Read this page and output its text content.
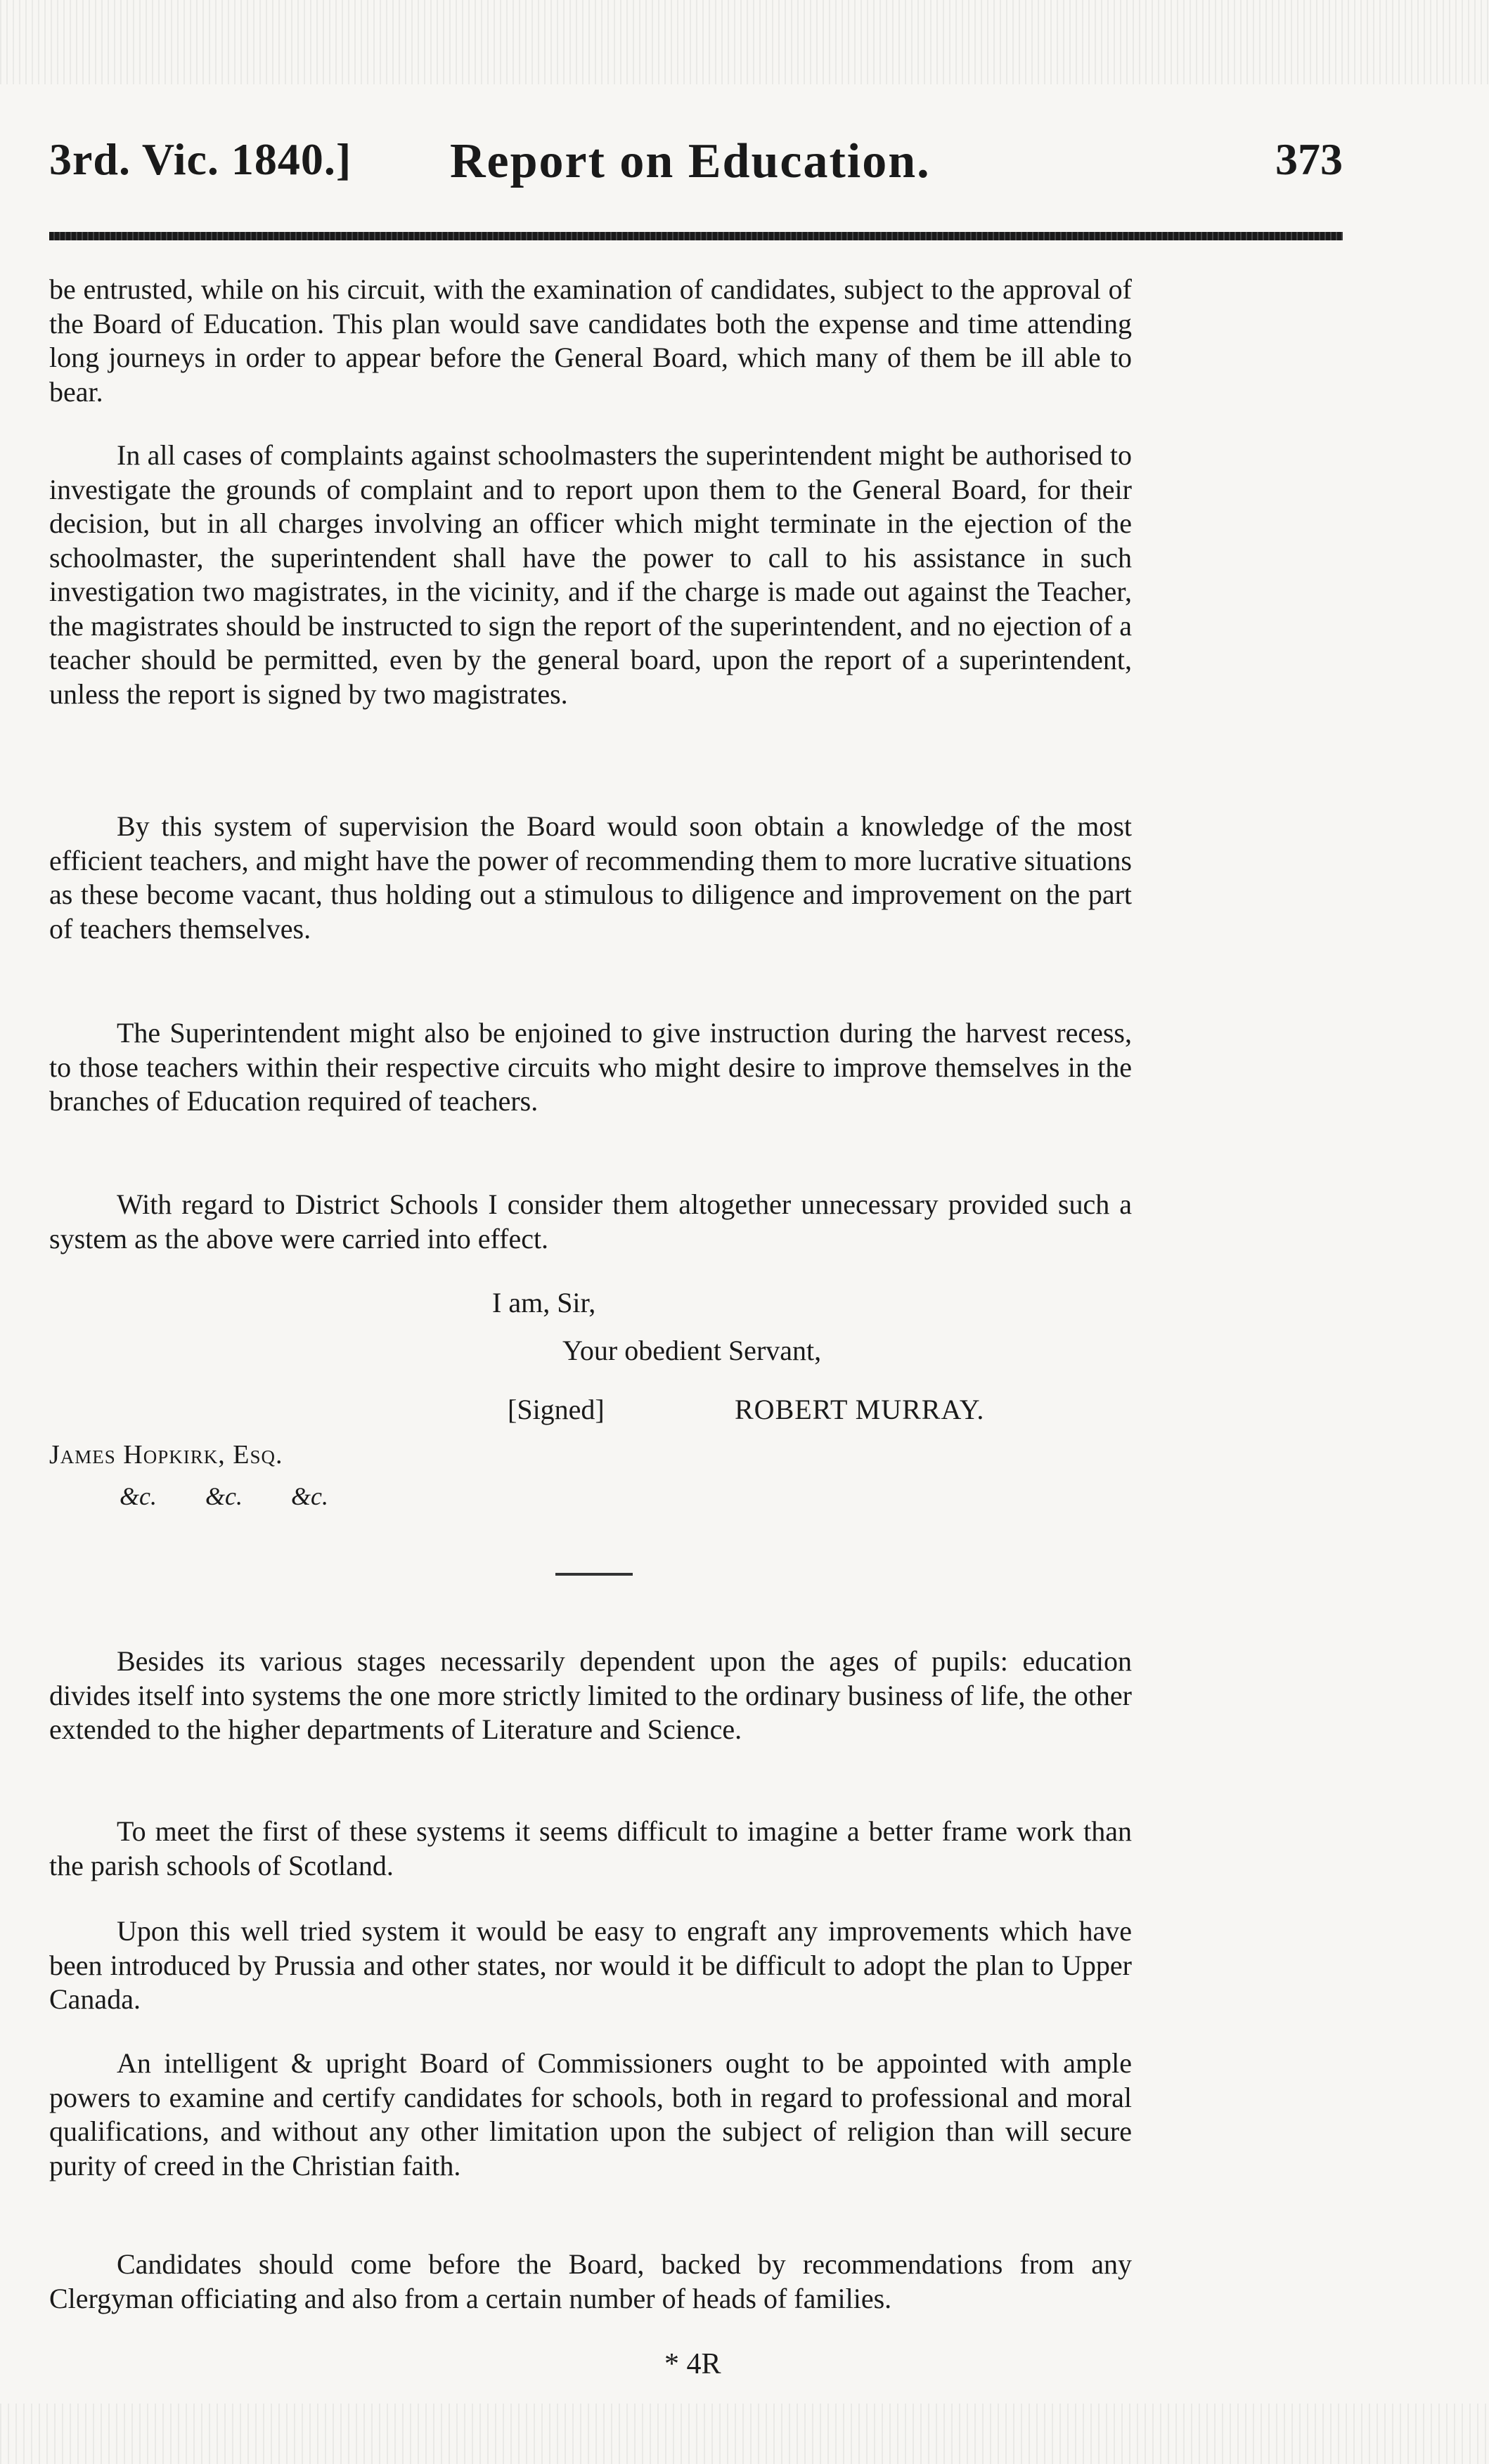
3rd. Vic. 1840.] Report on Education.	373

be entrusted, while on his circuit, with the examination of candidates, subject to the approval of the Board of Education. This plan would save candidates both the expense and time attending long journeys in order to appear before the General Board, which many of them be ill able to bear.

In all cases of complaints against schoolmasters the superintendent might be authorised to investigate the grounds of complaint and to report upon them to the General Board, for their decision, but in all charges involving an officer which might terminate in the ejection of the schoolmaster, the superintendent shall have the power to call to his assistance in such investigation two magistrates, in the vicinity, and if the charge is made out against the Teacher, the magistrates should be instructed to sign the report of the superintendent, and no ejection of a teacher should be permitted, even by the general board, upon the report of a superintendent, unless the report is signed by two magistrates.

By this system of supervision the Board would soon obtain a knowledge of the most efficient teachers, and might have the power of recommending them to more lucrative situations as these become vacant, thus holding out a stimulous to diligence and improvement on the part of teachers themselves.

The Superintendent might also be enjoined to give instruction during the harvest recess, to those teachers within their respective circuits who might desire to improve themselves in the branches of Education required of teachers.

With regard to District Schools I consider them altogether unnecessary provided such a system as the above were carried into effect.

I am, Sir,
Your obedient Servant,
[Signed]	ROBERT MURRAY.
James Hopkirk, Esq.
&c. &c. &c.

Besides its various stages necessarily dependent upon the ages of pupils: education divides itself into systems the one more strictly limited to the ordinary business of life, the other extended to the higher departments of Literature and Science.

To meet the first of these systems it seems difficult to imagine a better frame work than the parish schools of Scotland.

Upon this well tried system it would be easy to engraft any improvements which have been introduced by Prussia and other states, nor would it be difficult to adopt the plan to Upper Canada.

An intelligent & upright Board of Commissioners ought to be appointed with ample powers to examine and certify candidates for schools, both in regard to professional and moral qualifications, and without any other limitation upon the subject of religion than will secure purity of creed in the Christian faith.

Candidates should come before the Board, backed by recommendations from any Clergyman officiating and also from a certain number of heads of families.

* 4R
